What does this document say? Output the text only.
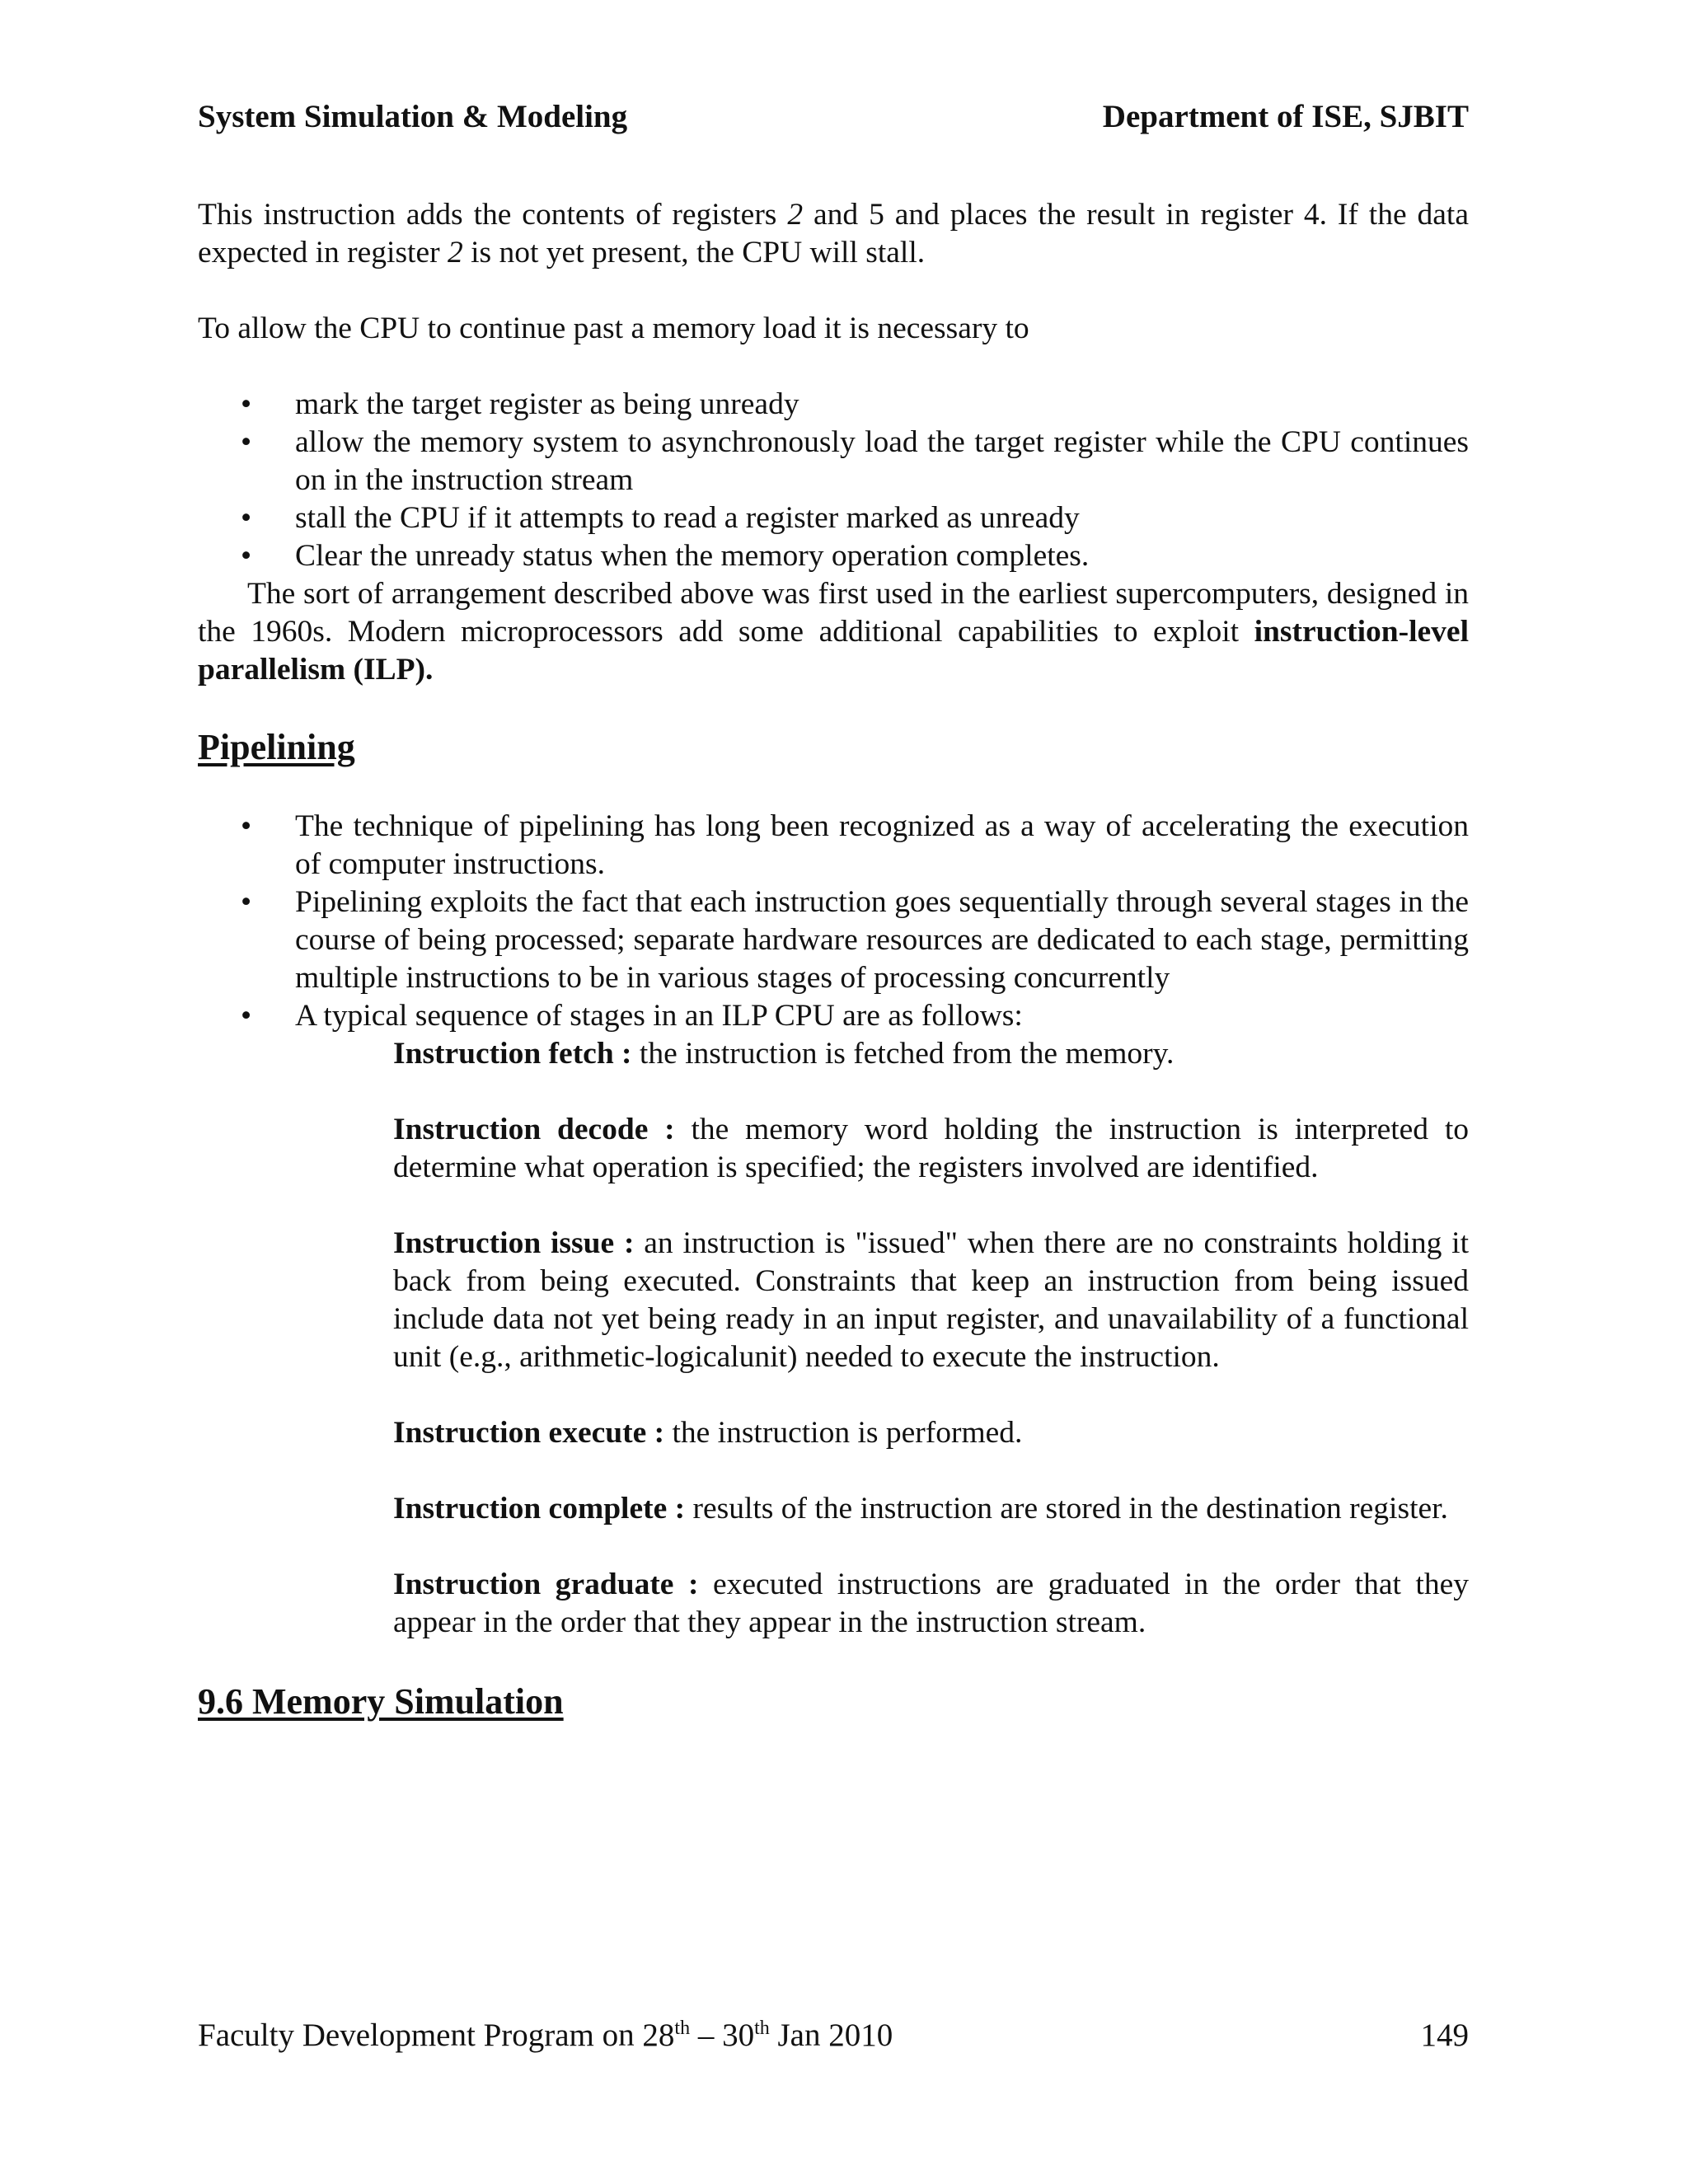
System Simulation & Modeling	Department of ISE, SJBIT

This instruction adds the contents of registers 2 and 5 and places the result in register 4. If the data expected in register 2 is not yet present, the CPU will stall.

To allow the CPU to continue past a memory load it is necessary to

• mark the target register as being unready
• allow the memory system to asynchronously load the target register while the CPU continues on in the instruction stream
• stall the CPU if it attempts to read a register marked as unready
• Clear the unready status when the memory operation completes.

The sort of arrangement described above was first used in the earliest supercomputers, designed in the 1960s. Modern microprocessors add some additional capabilities to exploit instruction-level parallelism (ILP).

Pipelining
• The technique of pipelining has long been recognized as a way of accelerating the execution of computer instructions.
• Pipelining exploits the fact that each instruction goes sequentially through several stages in the course of being processed; separate hardware resources are dedicated to each stage, permitting multiple instructions to be in various stages of processing concurrently
• A typical sequence of stages in an ILP CPU are as follows:

Instruction fetch : the instruction is fetched from the memory.

Instruction decode : the memory word holding the instruction is interpreted to determine what operation is specified; the registers involved are identified.

Instruction issue : an instruction is "issued" when there are no constraints holding it back from being executed. Constraints that keep an instruction from being issued include data not yet being ready in an input register, and unavailability of a functional unit (e.g., arithmetic-logicalunit) needed to execute the instruction.

Instruction execute : the instruction is performed.

Instruction complete : results of the instruction are stored in the destination register.

Instruction graduate : executed instructions are graduated in the order that they appear in the order that they appear in the instruction stream.

9.6 Memory Simulation
Faculty Development Program on 28th – 30th Jan 2010	149
